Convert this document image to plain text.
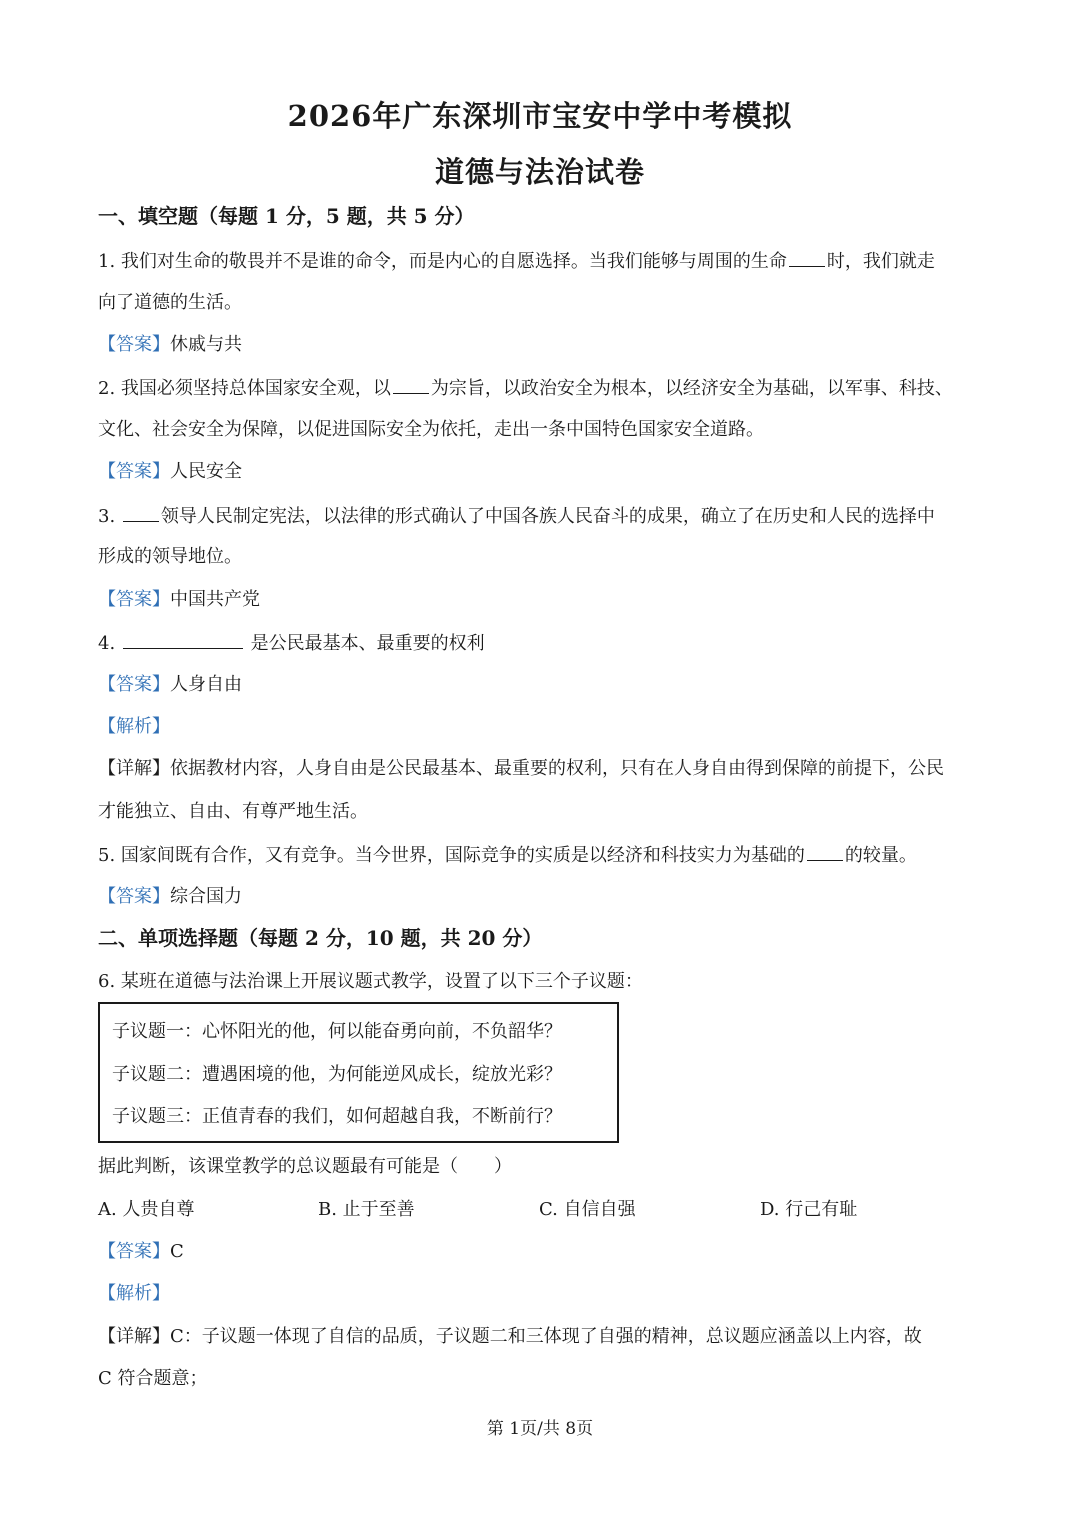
2026年广东深圳市宝安中学中考模拟
道德与法治试卷
一、填空题（每题 1 分，5 题，共 5 分）
1. 我们对生命的敬畏并不是谁的命令，而是内心的自愿选择。当我们能够与周围的生命 时，我们就走
向了道德的生活。
【答案】休戚与共
2. 我国必须坚持总体国家安全观，以 为宗旨，以政治安全为根本，以经济安全为基础，以军事、科技、
文化、社会安全为保障，以促进国际安全为依托，走出一条中国特色国家安全道路。
【答案】人民安全
3. 领导人民制定宪法，以法律的形式确认了中国各族人民奋斗的成果，确立了在历史和人民的选择中
形成的领导地位。
【答案】中国共产党
4.	是公民最基本、最重要的权利
【答案】人身自由
【解析】
【详解】依据教材内容，人身自由是公民最基本、最重要的权利，只有在人身自由得到保障的前提下，公民
才能独立、自由、有尊严地生活。
5. 国家间既有合作，又有竞争。当今世界，国际竞争的实质是以经济和科技实力为基础的 的较量。
【答案】综合国力
二、单项选择题（每题 2 分，10 题，共 20 分）
6. 某班在道德与法治课上开展议题式教学，设置了以下三个子议题：
子议题一：心怀阳光的他，何以能奋勇向前，不负韶华？
子议题二：遭遇困境的他，为何能逆风成长，绽放光彩？
子议题三：正值青春的我们，如何超越自我，不断前行？
据此判断，该课堂教学的总议题最有可能是（　　）
A. 人贵自尊	B. 止于至善	C. 自信自强	D. 行己有耻
【答案】C
【解析】
【详解】C：子议题一体现了自信的品质，子议题二和三体现了自强的精神，总议题应涵盖以上内容，故
C 符合题意；
第 1页/共 8页
